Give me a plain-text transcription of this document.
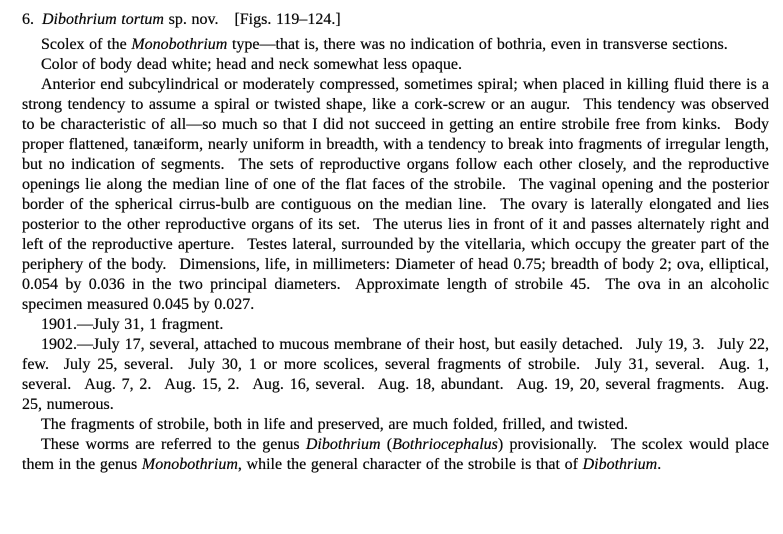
6. Dibothrium tortum sp. nov. [Figs. 119–124.]

Scolex of the Monobothrium type—that is, there was no indication of bothria, even in transverse sections.

Color of body dead white; head and neck somewhat less opaque.

Anterior end subcylindrical or moderately compressed, sometimes spiral; when placed in killing fluid there is a strong tendency to assume a spiral or twisted shape, like a cork-screw or an augur.  This tendency was observed to be characteristic of all—so much so that I did not succeed in getting an entire strobile free from kinks.  Body proper flattened, tanæiform, nearly uniform in breadth, with a tendency to break into fragments of irregular length, but no indication of segments.  The sets of reproductive organs follow each other closely, and the reproductive openings lie along the median line of one of the flat faces of the strobile.  The vaginal opening and the posterior border of the spherical cirrus-bulb are contiguous on the median line.  The ovary is laterally elongated and lies posterior to the other reproductive organs of its set.  The uterus lies in front of it and passes alternately right and left of the reproductive aperture.  Testes lateral, surrounded by the vitellaria, which occupy the greater part of the periphery of the body.  Dimensions, life, in millimeters: Diameter of head 0.75; breadth of body 2; ova, elliptical, 0.054 by 0.036 in the two principal diameters.  Approximate length of strobile 45.  The ova in an alcoholic specimen measured 0.045 by 0.027.

1901.—July 31, 1 fragment.

1902.—July 17, several, attached to mucous membrane of their host, but easily detached.  July 19, 3.  July 22, few.  July 25, several.  July 30, 1 or more scolices, several fragments of strobile.  July 31, several.  Aug. 1, several.  Aug. 7, 2.  Aug. 15, 2.  Aug. 16, several.  Aug. 18, abundant.  Aug. 19, 20, several fragments.  Aug. 25, numerous.

The fragments of strobile, both in life and preserved, are much folded, frilled, and twisted.

These worms are referred to the genus Dibothrium (Bothriocephalus) provisionally.  The scolex would place them in the genus Monobothrium, while the general character of the strobile is that of Dibothrium.
